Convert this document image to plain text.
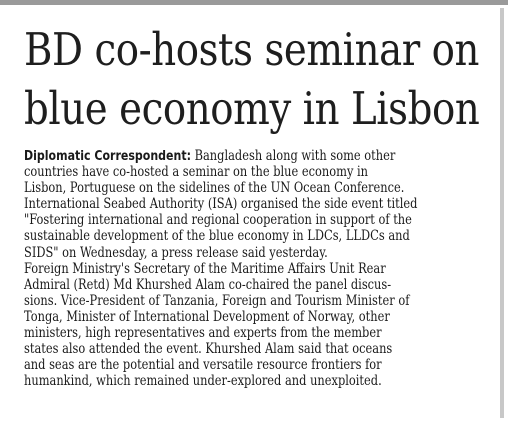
BD co-hosts seminar on
blue economy in Lisbon
Diplomatic Correspondent: Bangladesh along with some other
countries have co-hosted a seminar on the blue economy in
Lisbon, Portuguese on the sidelines of the UN Ocean Conference.
International Seabed Authority (ISA) organised the side event titled
"Fostering international and regional cooperation in support of the
sustainable development of the blue economy in LDCs, LLDCs and
SIDS" on Wednesday, a press release said yesterday.
Foreign Ministry's Secretary of the Maritime Affairs Unit Rear
Admiral (Retd) Md Khurshed Alam co-chaired the panel discus-
sions. Vice-President of Tanzania, Foreign and Tourism Minister of
Tonga, Minister of International Development of Norway, other
ministers, high representatives and experts from the member
states also attended the event. Khurshed Alam said that oceans
and seas are the potential and versatile resource frontiers for
humankind, which remained under-explored and unexploited.
